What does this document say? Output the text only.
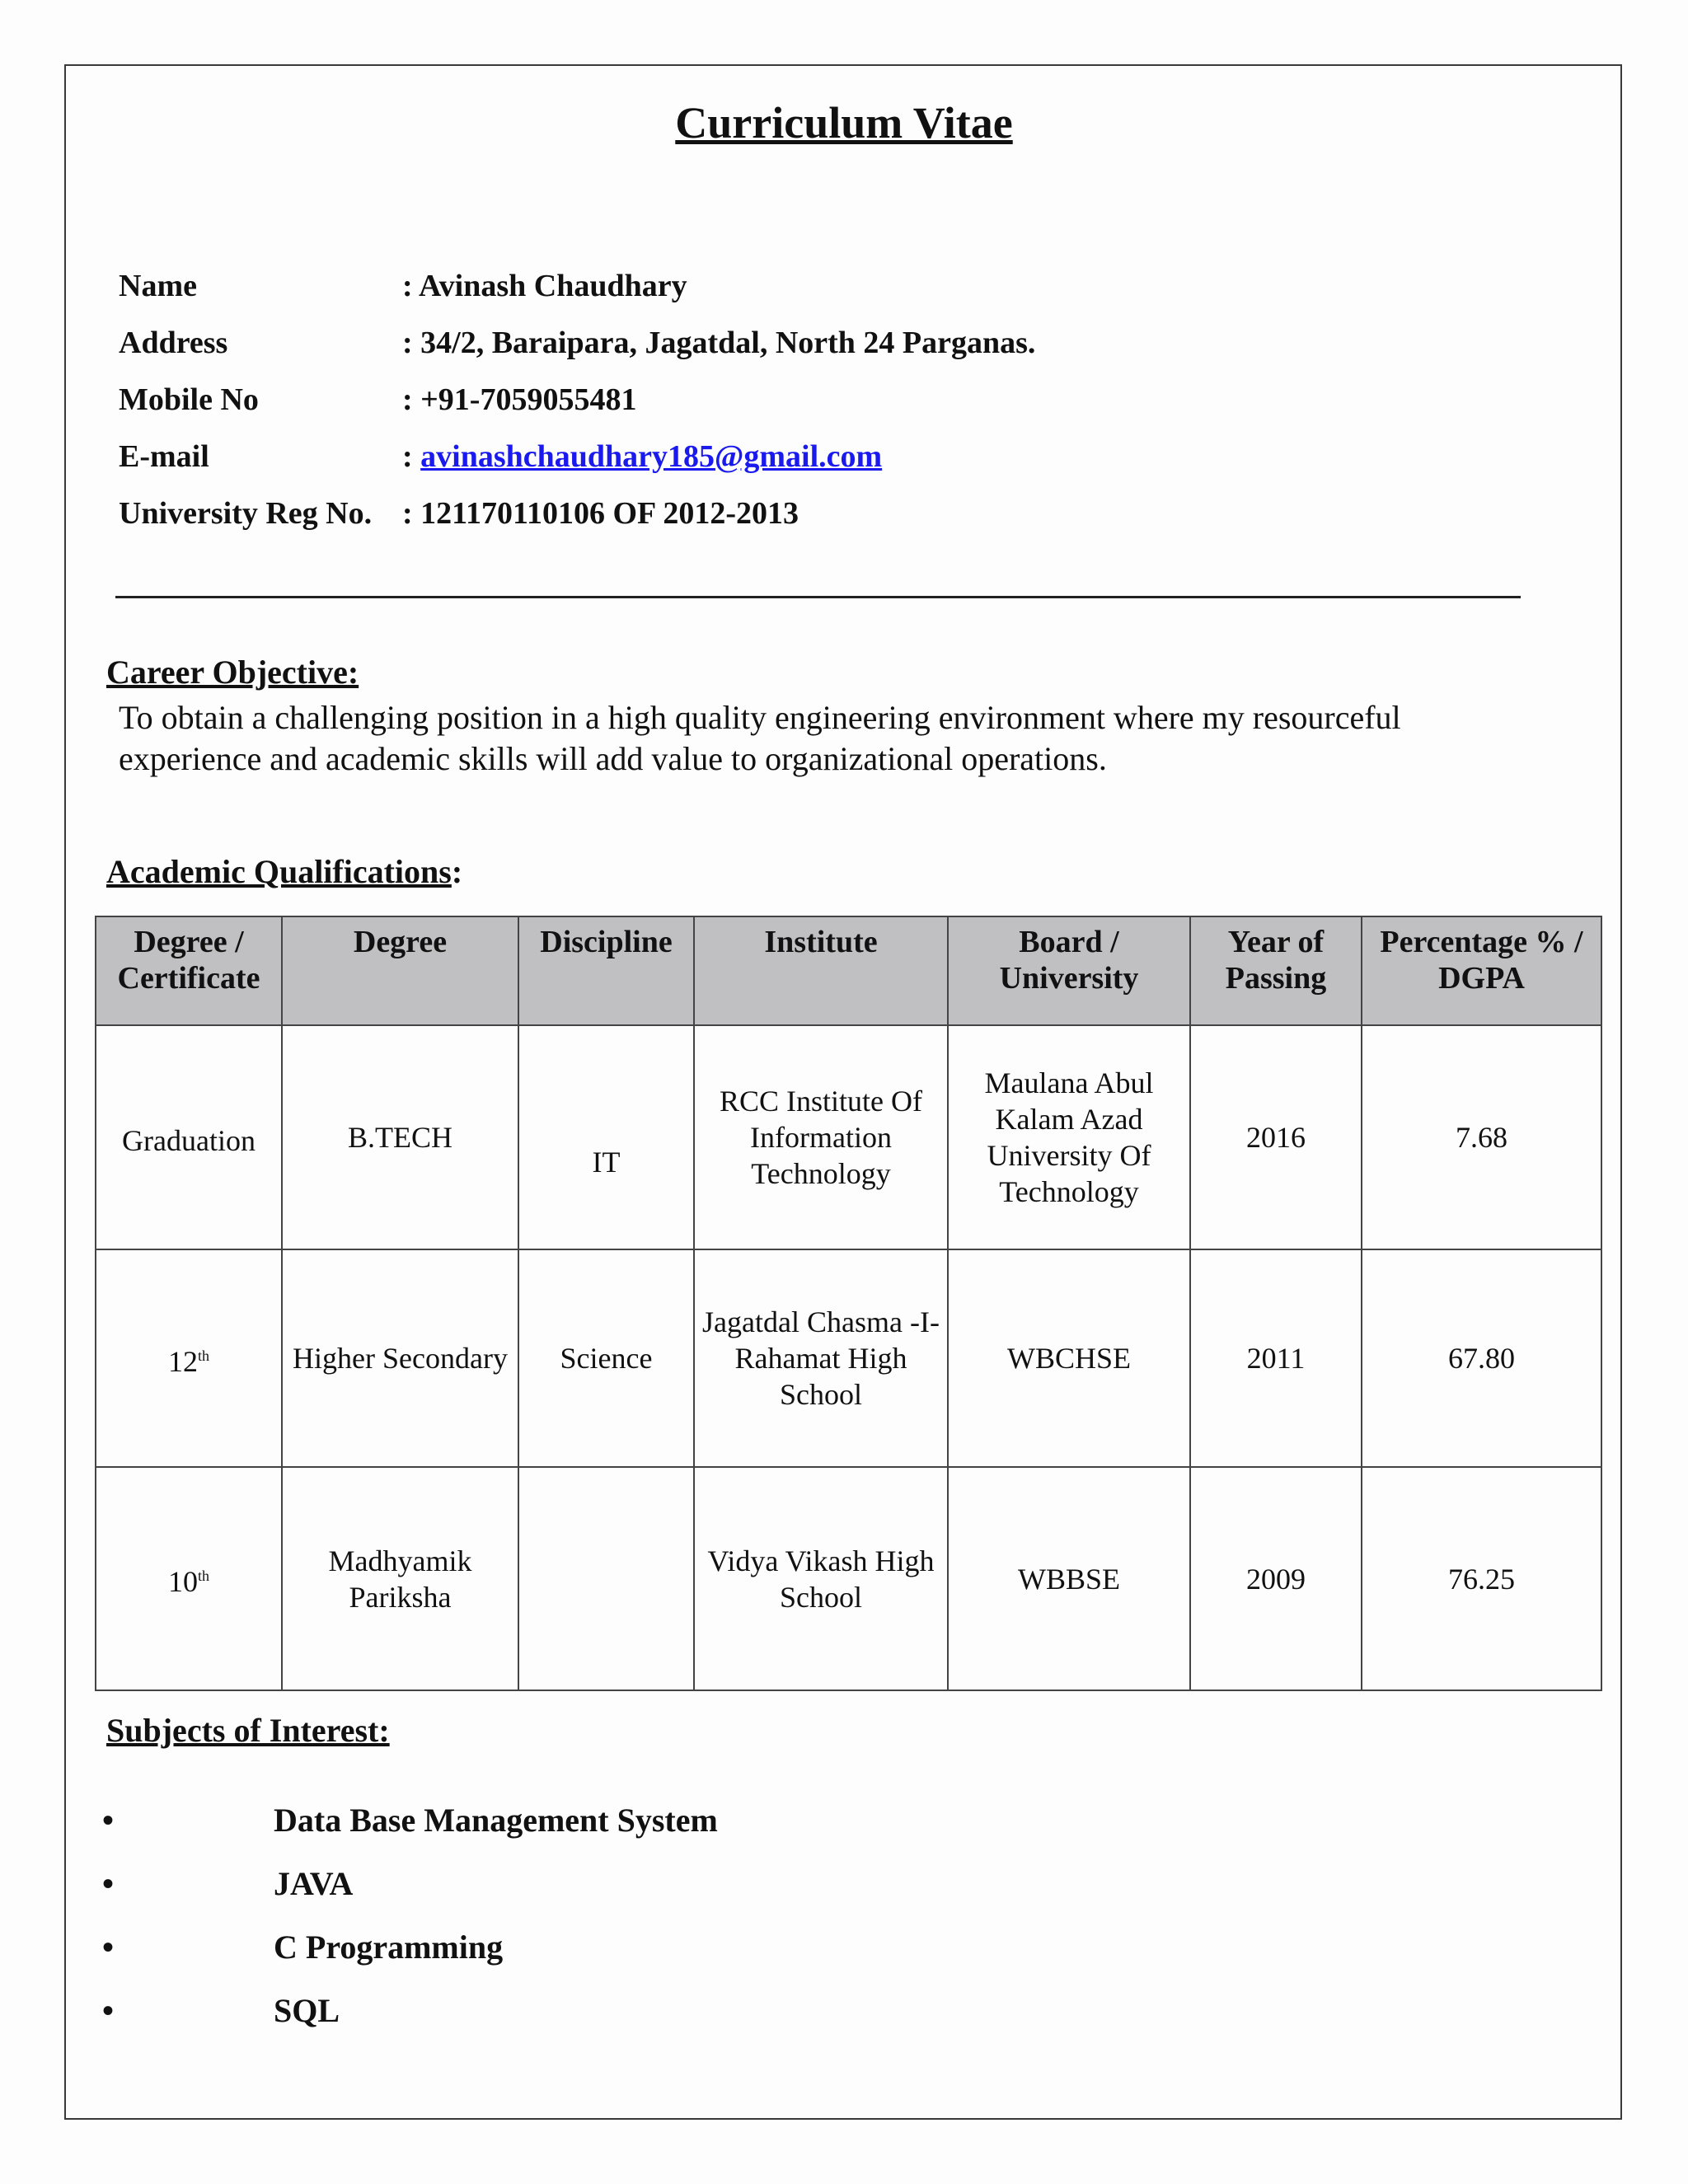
Curriculum Vitae
Name	: Avinash Chaudhary
Address	: 34/2, Baraipara, Jagatdal, North 24 Parganas.
Mobile No	: +91-7059055481
E-mail	: avinashchaudhary185@gmail.com
University Reg No. : 121170110106 OF 2012-2013
Career Objective:

To obtain a challenging position in a high quality engineering environment where my resourceful experience and academic skills will add value to organizational operations.

Academic Qualifications:
Degree / Certificate	Degree	Discipline	Institute	Board / University	Year of Passing	Percentage % / DGPA
Graduation	B.TECH	IT	RCC Institute Of Information Technology	Maulana Abul Kalam Azad University Of Technology	2016	7.68
12th	Higher Secondary	Science	Jagatdal Chasma -I-Rahamat High School	WBCHSE	2011	67.80
10th	Madhyamik Pariksha		Vidya Vikash High School	WBBSE	2009	76.25
Subjects of Interest:
•	Data Base Management System
•	JAVA
•	C Programming
•	SQL
